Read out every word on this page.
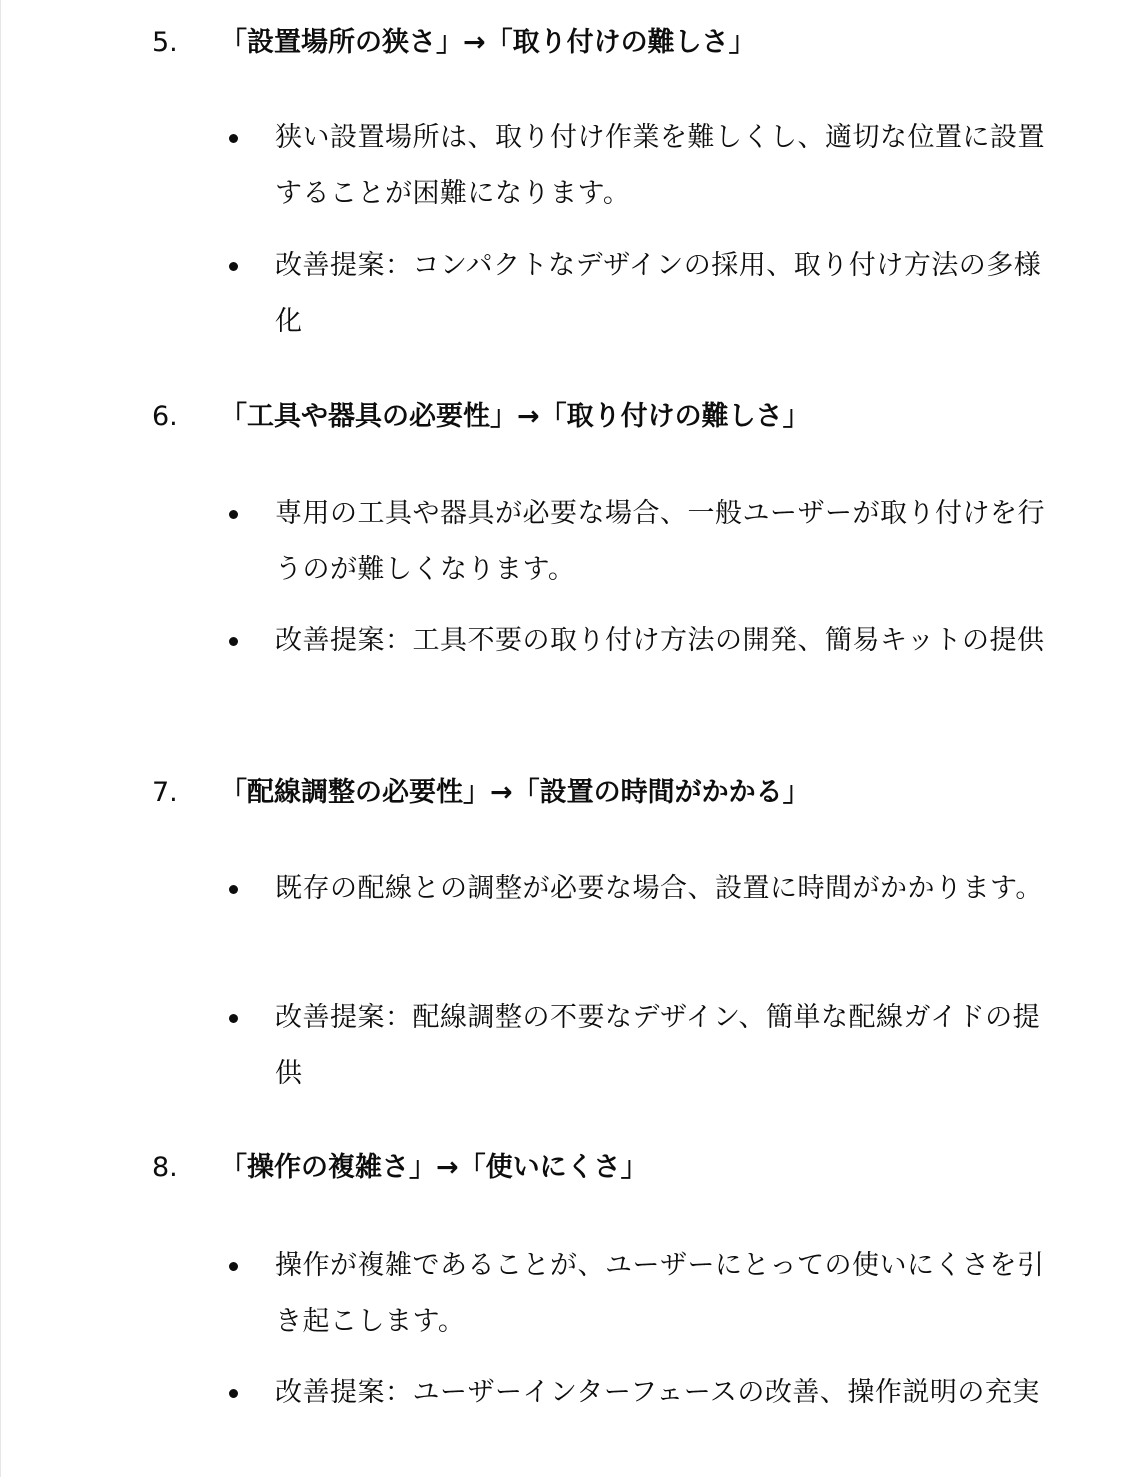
5. 「設置場所の狭さ」→「取り付けの難しさ」
狭い設置場所は、取り付け作業を難しくし、適切な位置に設置することが困難になります。
改善提案：コンパクトなデザインの採用、取り付け方法の多様化
6. 「工具や器具の必要性」→「取り付けの難しさ」
専用の工具や器具が必要な場合、一般ユーザーが取り付けを行うのが難しくなります。
改善提案：工具不要の取り付け方法の開発、簡易キットの提供
7. 「配線調整の必要性」→「設置の時間がかかる」
既存の配線との調整が必要な場合、設置に時間がかかります。
改善提案：配線調整の不要なデザイン、簡単な配線ガイドの提供
8. 「操作の複雑さ」→「使いにくさ」
操作が複雑であることが、ユーザーにとっての使いにくさを引き起こします。
改善提案：ユーザーインターフェースの改善、操作説明の充実
